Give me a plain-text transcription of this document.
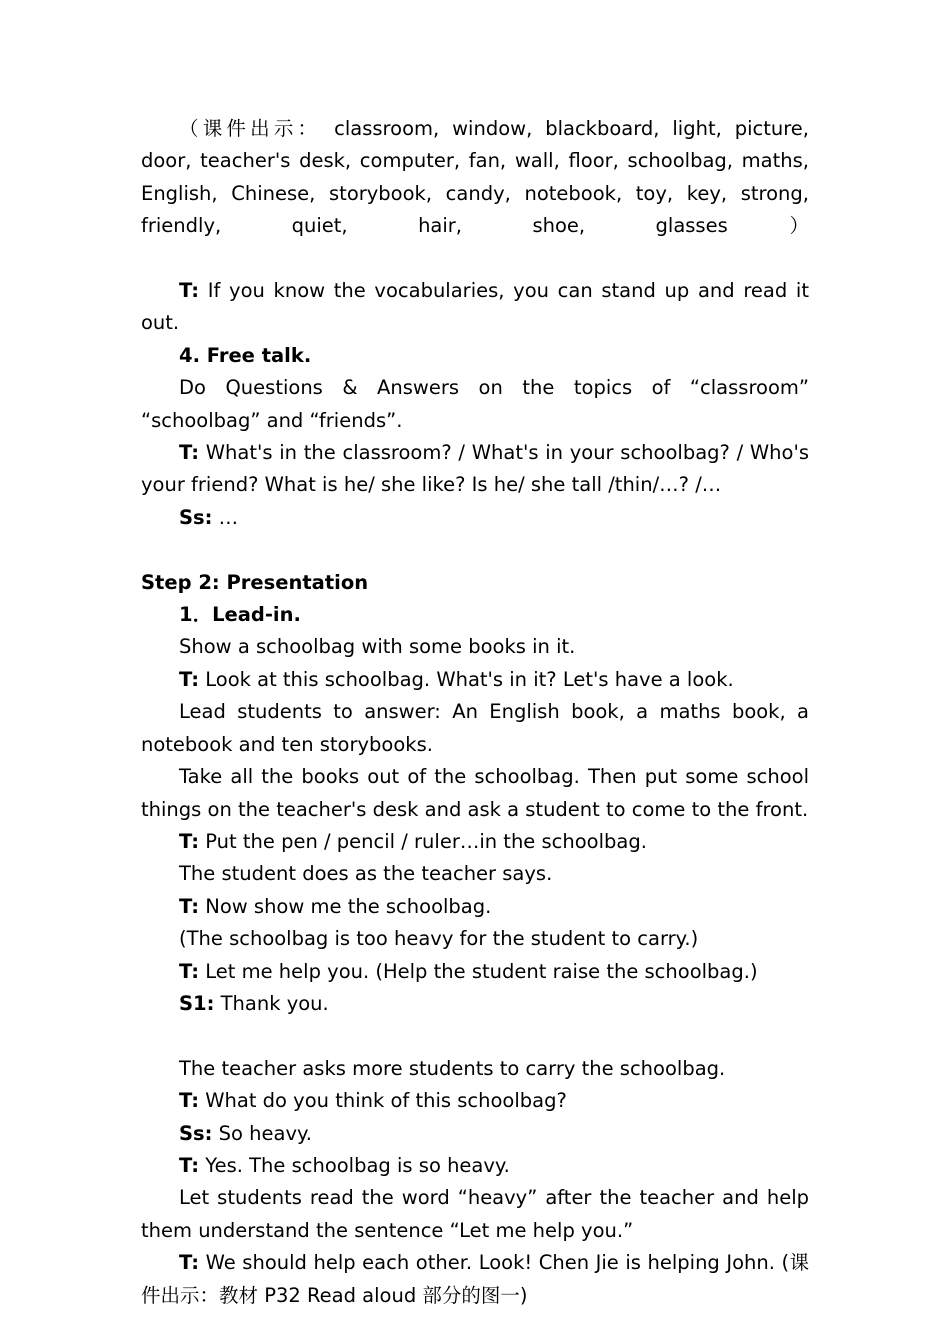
（课件出示： classroom, window, blackboard, light, picture, door, teacher's desk, computer, fan, wall, floor, schoolbag, maths, English, Chinese, storybook, candy, notebook, toy, key, strong, friendly, quiet, hair, shoe, glasses）

T: If you know the vocabularies, you can stand up and read it out.

4. Free talk.

Do Questions & Answers on the topics of “classroom” “schoolbag” and “friends”.

T: What's in the classroom? / What's in your schoolbag? / Who's your friend? What is he/ she like? Is he/ she tall /thin/…? /…

Ss: …

Step 2: Presentation

1．Lead-in.

Show a schoolbag with some books in it.

T: Look at this schoolbag. What's in it? Let's have a look.

Lead students to answer: An English book, a maths book, a notebook and ten storybooks.

Take all the books out of the schoolbag. Then put some school things on the teacher's desk and ask a student to come to the front.

T: Put the pen / pencil / ruler…in the schoolbag.

The student does as the teacher says.

T: Now show me the schoolbag.

(The schoolbag is too heavy for the student to carry.)

T: Let me help you. (Help the student raise the schoolbag.)

S1: Thank you.

The teacher asks more students to carry the schoolbag.

T: What do you think of this schoolbag?

Ss: So heavy.

T: Yes. The schoolbag is so heavy.

Let students read the word “heavy” after the teacher and help them understand the sentence “Let me help you.”

T: We should help each other. Look! Chen Jie is helping John. (课件出示：教材 P32 Read aloud 部分的图一)
